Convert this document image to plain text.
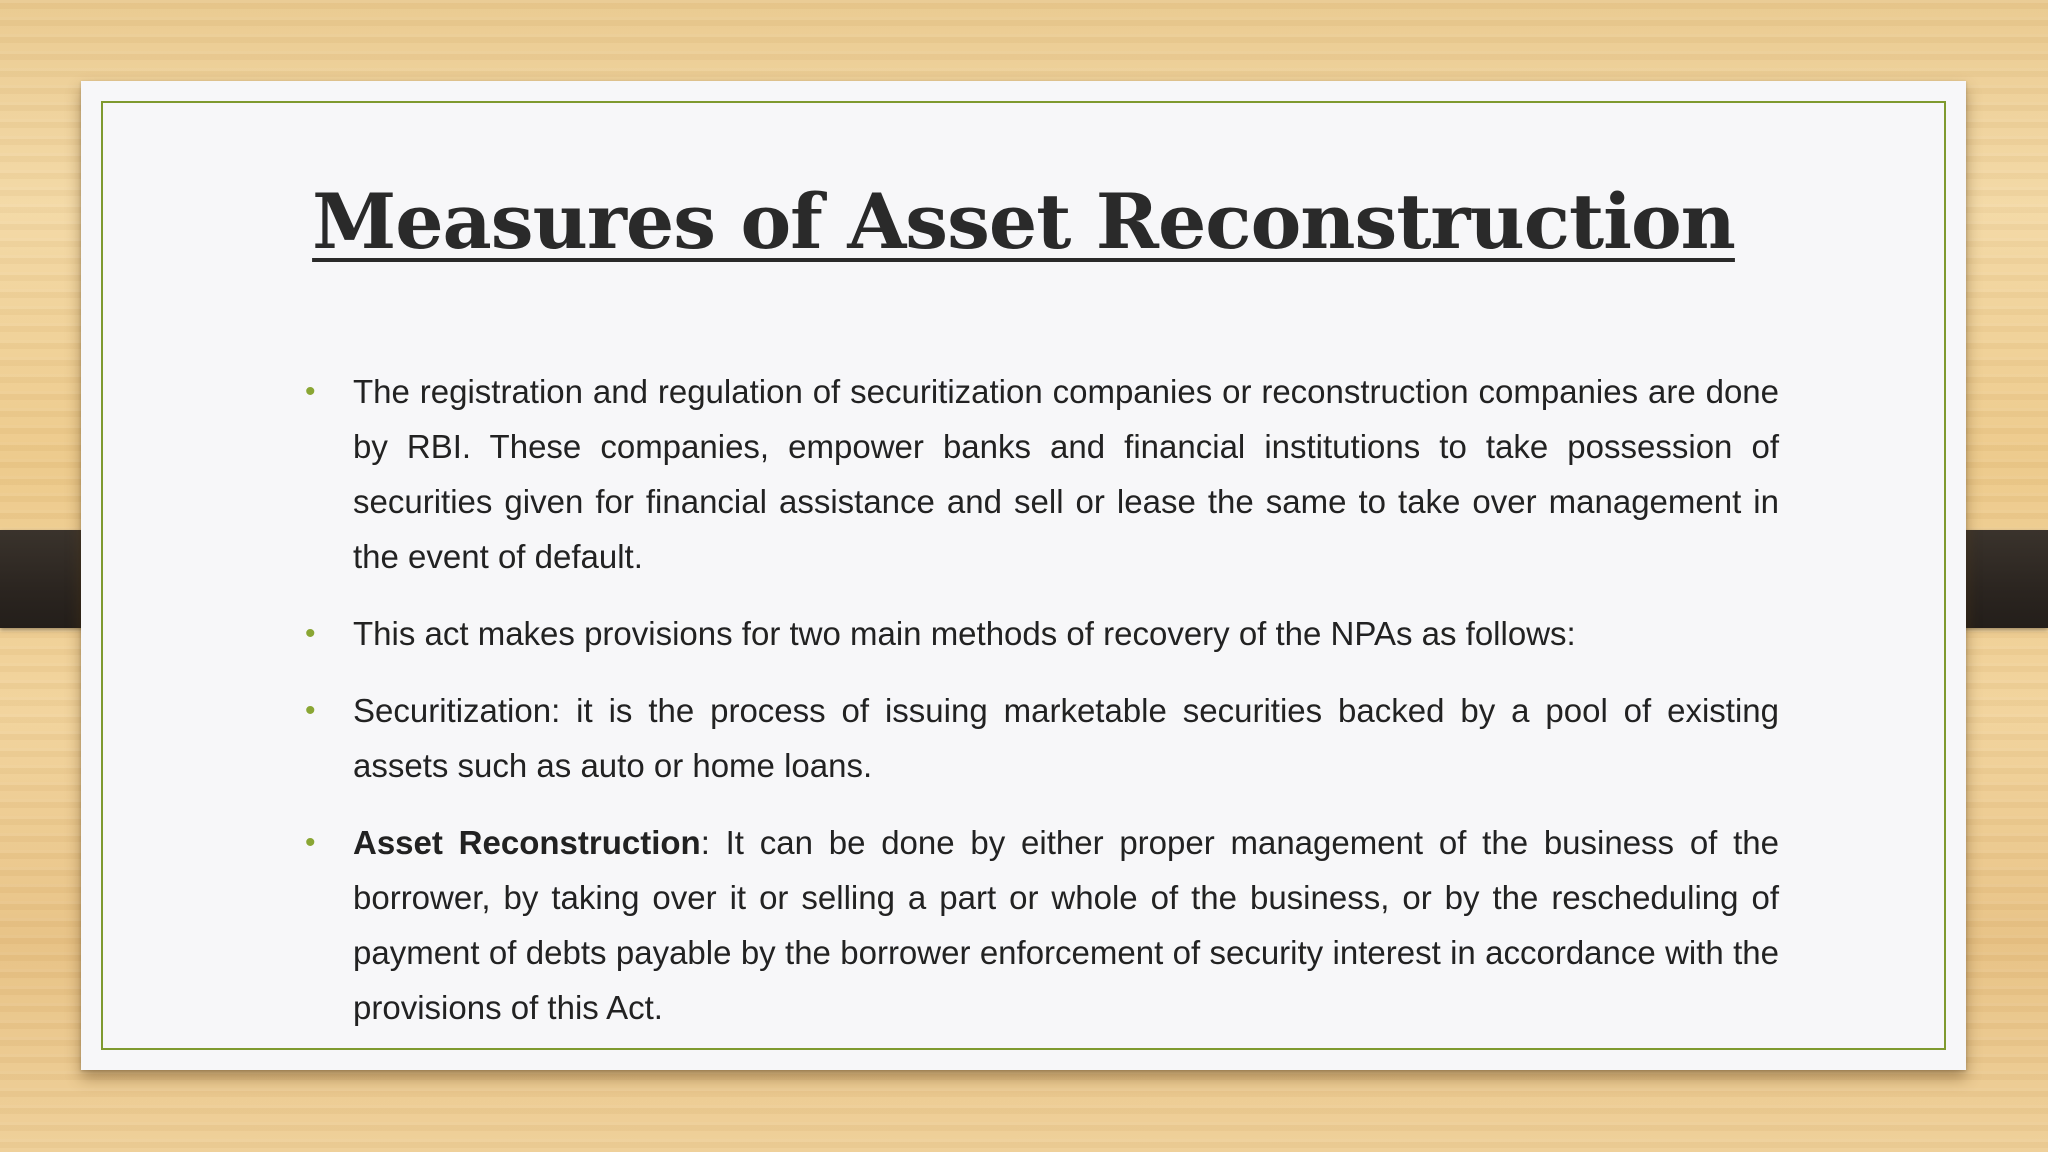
Measures of Asset Reconstruction
• The registration and regulation of securitization companies or reconstruction companies are done by RBI. These companies, empower banks and financial institutions to take possession of securities given for financial assistance and sell or lease the same to take over management in the event of default.
• This act makes provisions for two main methods of recovery of the NPAs as follows:
• Securitization: it is the process of issuing marketable securities backed by a pool of existing assets such as auto or home loans.
• Asset Reconstruction: It can be done by either proper management of the business of the borrower, by taking over it or selling a part or whole of the business, or by the rescheduling of payment of debts payable by the borrower enforcement of security interest in accordance with the provisions of this Act.
